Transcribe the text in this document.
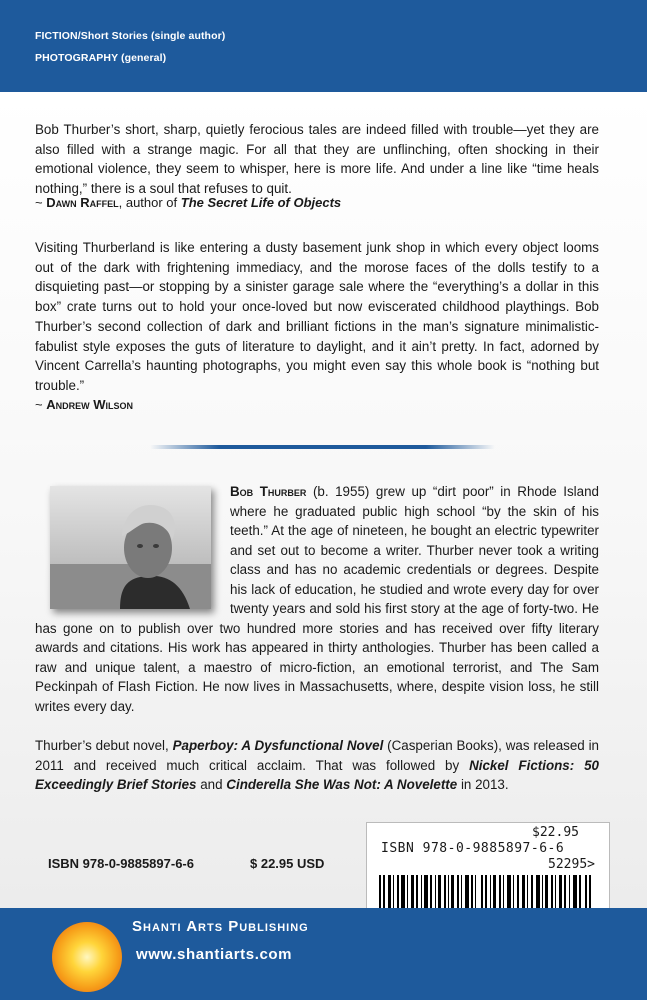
FICTION/Short Stories (single author)
PHOTOGRAPHY (general)
Bob Thurber’s short, sharp, quietly ferocious tales are indeed filled with trouble—yet they are also filled with a strange magic. For all that they are unflinching, often shocking in their emotional violence, they seem to whisper, here is more life. And under a line like “time heals nothing,” there is a soul that refuses to quit.
~ Dawn Raffel, author of The Secret Life of Objects
Visiting Thurberland is like entering a dusty basement junk shop in which every object looms out of the dark with frightening immediacy, and the morose faces of the dolls testify to a disquieting past—or stopping by a sinister garage sale where the “everything’s a dollar in this box” crate turns out to hold your once-loved but now eviscerated childhood playthings. Bob Thurber’s second collection of dark and brilliant fictions in the man’s signature minimalistic-fabulist style exposes the guts of literature to daylight, and it ain’t pretty. In fact, adorned by Vincent Carrella’s haunting photographs, you might even say this whole book is “nothing but trouble.”
~ Andrew Wilson
Bob Thurber (b. 1955) grew up “dirt poor” in Rhode Island where he graduated public high school “by the skin of his teeth.” At the age of nineteen, he bought an electric typewriter and set out to become a writer. Thurber never took a writing class and has no academic credentials or degrees. Despite his lack of education, he studied and wrote every day for over twenty years and sold his first story at the age of forty-two. He has gone on to publish over two hundred more stories and has received over fifty literary awards and citations. His work has appeared in thirty anthologies. Thurber has been called a raw and unique talent, a maestro of micro-fiction, an emotional terrorist, and The Sam Peckinpah of Flash Fiction. He now lives in Massachusetts, where, despite vision loss, he still writes every day.
Thurber’s debut novel, Paperboy: A Dysfunctional Novel (Casperian Books), was released in 2011 and received much critical acclaim. That was followed by Nickel Fictions: 50 Exceedingly Brief Stories and Cinderella She Was Not: A Novelette in 2013.
ISBN 978-0-9885897-6-6	$ 22.95 USD
$22.95
ISBN 978-0-9885897-6-6
52295>
Shanti Arts Publishing
www.shantiarts.com
